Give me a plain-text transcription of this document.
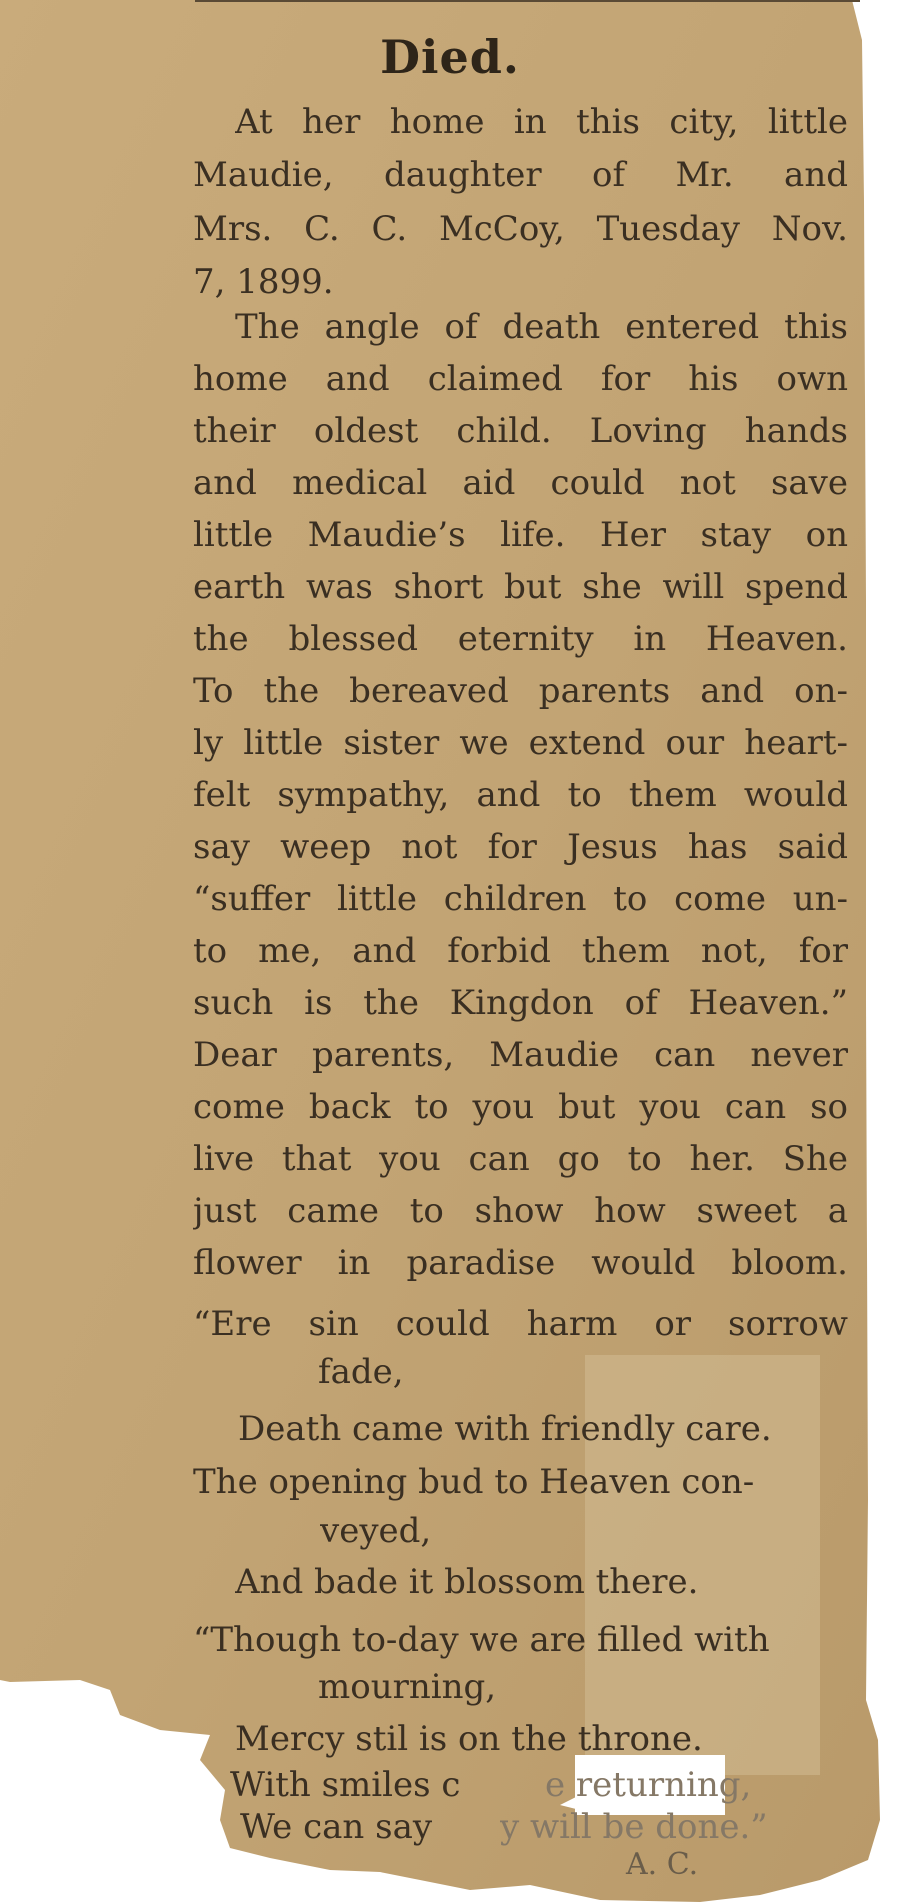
Died.
At her home in this city, little
Maudie, daughter of Mr. and
Mrs. C. C. McCoy, Tuesday Nov.
7, 1899.
The angle of death entered this
home and claimed for his own
their oldest child. Loving hands
and medical aid could not save
little Maudie’s life. Her stay on
earth was short but she will spend
the blessed eternity in Heaven.
To the bereaved parents and on-
ly little sister we extend our heart-
felt sympathy, and to them would
say weep not for Jesus has said
“suffer little children to come un-
to me, and forbid them not, for
such is the Kingdon of Heaven.”
Dear parents, Maudie can never
come back to you but you can so
live that you can go to her. She
just came to show how sweet a
flower in paradise would bloom.
“Ere sin could harm or sorrow
fade,
Death came with friendly care.
The opening bud to Heaven con-
veyed,
And bade it blossom there.
“Though to-day we are filled with
mourning,
Mercy stil is on the throne.
With smiles c e returning,
We can say y will be done.”
A. C.
